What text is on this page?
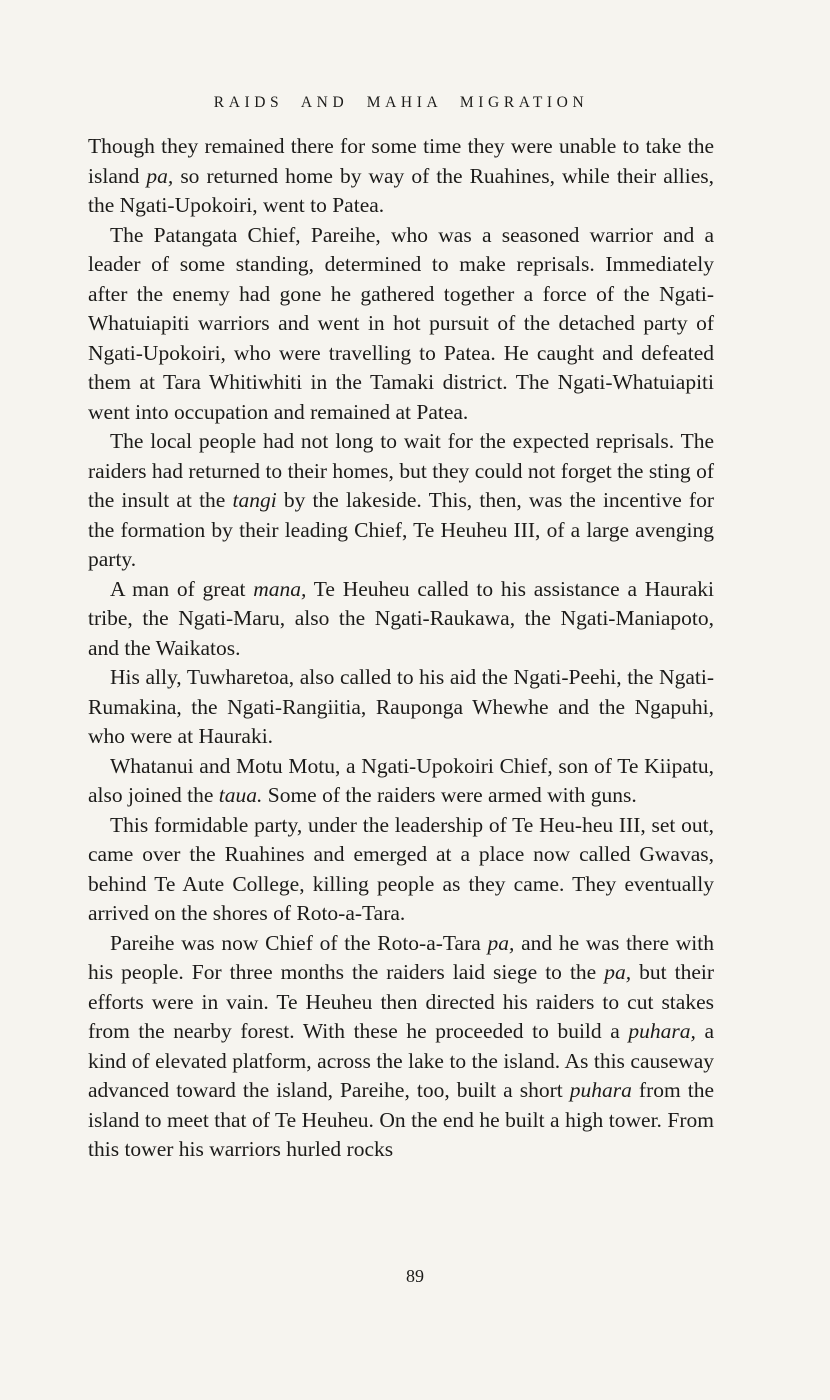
RAIDS AND MAHIA MIGRATION

Though they remained there for some time they were unable to take the island pa, so returned home by way of the Ruahines, while their allies, the Ngati-Upokoiri, went to Patea.

The Patangata Chief, Pareihe, who was a seasoned warrior and a leader of some standing, determined to make reprisals. Immediately after the enemy had gone he gathered together a force of the Ngati-Whatuiapiti warriors and went in hot pursuit of the detached party of Ngati-Upokoiri, who were travelling to Patea. He caught and defeated them at Tara Whitiwhiti in the Tamaki district. The Ngati-Whatuiapiti went into occupation and remained at Patea.

The local people had not long to wait for the expected reprisals. The raiders had returned to their homes, but they could not forget the sting of the insult at the tangi by the lakeside. This, then, was the incentive for the formation by their leading Chief, Te Heuheu III, of a large avenging party.

A man of great mana, Te Heuheu called to his assistance a Hauraki tribe, the Ngati-Maru, also the Ngati-Raukawa, the Ngati-Maniapoto, and the Waikatos.

His ally, Tuwharetoa, also called to his aid the Ngati-Peehi, the Ngati-Rumakina, the Ngati-Rangiitia, Rauponga Whewhe and the Ngapuhi, who were at Hauraki.

Whatanui and Motu Motu, a Ngati-Upokoiri Chief, son of Te Kiipatu, also joined the taua. Some of the raiders were armed with guns.

This formidable party, under the leadership of Te Heu-heu III, set out, came over the Ruahines and emerged at a place now called Gwavas, behind Te Aute College, killing people as they came. They eventually arrived on the shores of Roto-a-Tara.

Pareihe was now Chief of the Roto-a-Tara pa, and he was there with his people. For three months the raiders laid siege to the pa, but their efforts were in vain. Te Heuheu then directed his raiders to cut stakes from the nearby forest. With these he proceeded to build a puhara, a kind of elevated platform, across the lake to the island. As this causeway advanced toward the island, Pareihe, too, built a short puhara from the island to meet that of Te Heuheu. On the end he built a high tower. From this tower his warriors hurled rocks

89
